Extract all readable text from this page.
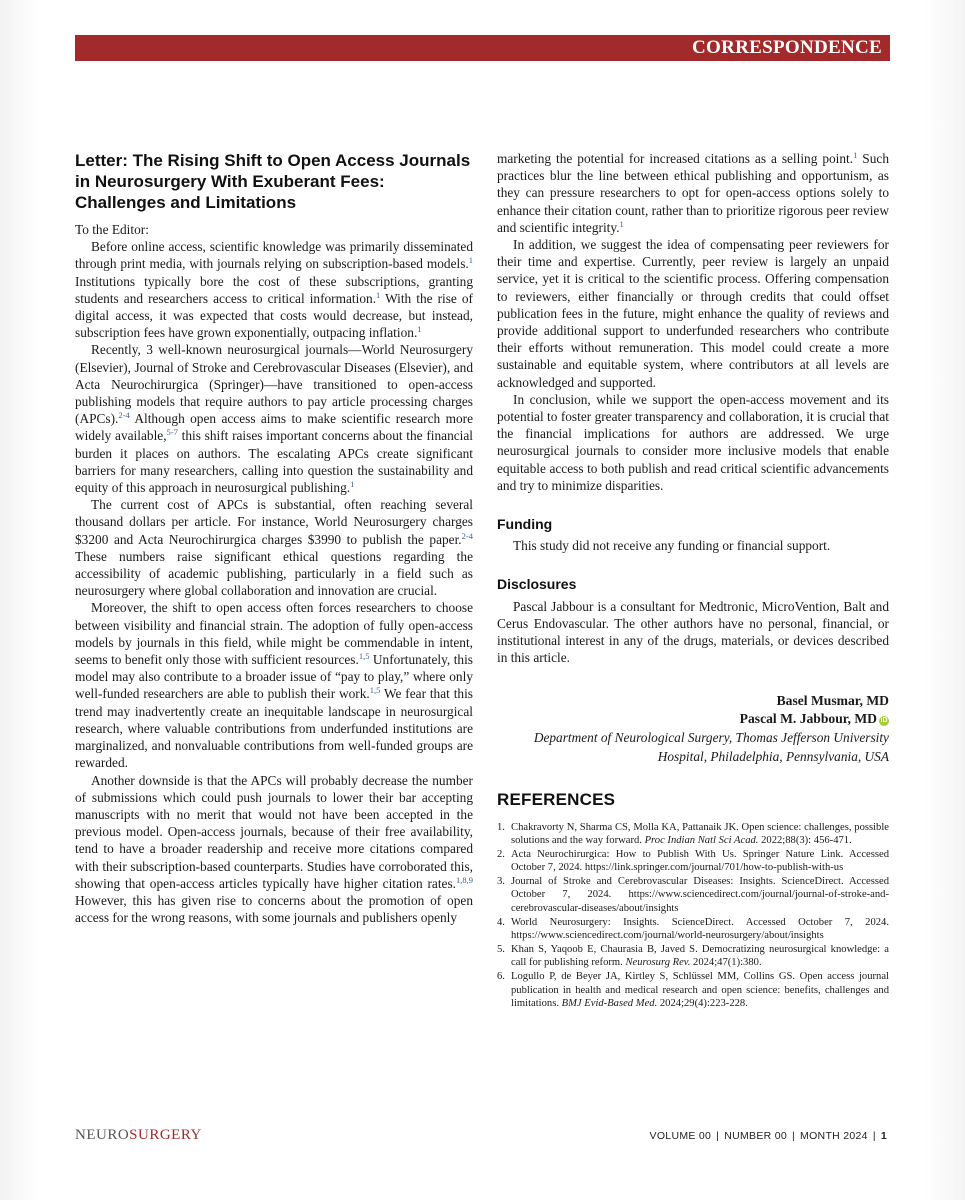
CORRESPONDENCE
Letter: The Rising Shift to Open Access Journals in Neurosurgery With Exuberant Fees: Challenges and Limitations

To the Editor:

Before online access, scientific knowledge was primarily disseminated through print media, with journals relying on subscription-based models.$^1$ Institutions typically bore the cost of these subscriptions, granting students and researchers access to critical information.$^1$ With the rise of digital access, it was expected that costs would decrease, but instead, subscription fees have grown exponentially, outpacing inflation.$^1$

Recently, 3 well-known neurosurgical journals—World Neurosurgery (Elsevier), Journal of Stroke and Cerebrovascular Diseases (Elsevier), and Acta Neurochirurgica (Springer)—have transitioned to open-access publishing models that require authors to pay article processing charges (APCs).$^{2-4}$ Although open access aims to make scientific research more widely available,$^{5-7}$ this shift raises important concerns about the financial burden it places on authors. The escalating APCs create significant barriers for many researchers, calling into question the sustainability and equity of this approach in neurosurgical publishing.$^1$

The current cost of APCs is substantial, often reaching several thousand dollars per article. For instance, World Neurosurgery charges $3200 and Acta Neurochirurgica charges $3990 to publish the paper.$^{2-4}$ These numbers raise significant ethical questions regarding the accessibility of academic publishing, particularly in a field such as neurosurgery where global collaboration and innovation are crucial.

Moreover, the shift to open access often forces researchers to choose between visibility and financial strain. The adoption of fully open-access models by journals in this field, while might be commendable in intent, seems to benefit only those with sufficient resources.$^{1,5}$ Unfortunately, this model may also contribute to a broader issue of “pay to play,” where only well-funded researchers are able to publish their work.$^{1,5}$ We fear that this trend may inadvertently create an inequitable landscape in neurosurgical research, where valuable contributions from underfunded institutions are marginalized, and nonvaluable contributions from well-funded groups are rewarded.

Another downside is that the APCs will probably decrease the number of submissions which could push journals to lower their bar accepting manuscripts with no merit that would not have been accepted in the previous model. Open-access journals, because of their free availability, tend to have a broader readership and receive more citations compared with their subscription-based counterparts. Studies have corroborated this, showing that open-access articles typically have higher citation rates.$^{1,8,9}$ However, this has given rise to concerns about the promotion of open access for the wrong reasons, with some journals and publishers openly

marketing the potential for increased citations as a selling point.$^1$ Such practices blur the line between ethical publishing and opportunism, as they can pressure researchers to opt for open-access options solely to enhance their citation count, rather than to prioritize rigorous peer review and scientific integrity.$^1$

In addition, we suggest the idea of compensating peer reviewers for their time and expertise. Currently, peer review is largely an unpaid service, yet it is critical to the scientific process. Offering compensation to reviewers, either financially or through credits that could offset publication fees in the future, might enhance the quality of reviews and provide additional support to underfunded researchers who contribute their efforts without remuneration. This model could create a more sustainable and equitable system, where contributors at all levels are acknowledged and supported.

In conclusion, while we support the open-access movement and its potential to foster greater transparency and collaboration, it is crucial that the financial implications for authors are addressed. We urge neurosurgical journals to consider more inclusive models that enable equitable access to both publish and read critical scientific advancements and try to minimize disparities.

Funding

This study did not receive any funding or financial support.

Disclosures

Pascal Jabbour is a consultant for Medtronic, MicroVention, Balt and Cerus Endovascular. The other authors have no personal, financial, or institutional interest in any of the drugs, materials, or devices described in this article.

Basel Musmar, MD
Pascal M. Jabbour, MD iD
Department of Neurological Surgery, Thomas Jefferson University
Hospital, Philadelphia, Pennsylvania, USA
REFERENCES
1. Chakravorty N, Sharma CS, Molla KA, Pattanaik JK. Open science: challenges, possible solutions and the way forward. Proc Indian Natl Sci Acad. 2022;88(3): 456-471.
2. Acta Neurochirurgica: How to Publish With Us. Springer Nature Link. Accessed October 7, 2024. https://link.springer.com/journal/701/how-to-publish-with-us
3. Journal of Stroke and Cerebrovascular Diseases: Insights. ScienceDirect. Accessed October 7, 2024. https://www.sciencedirect.com/journal/journal-of-stroke-and-cerebrovascular-diseases/about/insights
4. World Neurosurgery: Insights. ScienceDirect. Accessed October 7, 2024. https://www.sciencedirect.com/journal/world-neurosurgery/about/insights
5. Khan S, Yaqoob E, Chaurasia B, Javed S. Democratizing neurosurgical knowledge: a call for publishing reform. Neurosurg Rev. 2024;47(1):380.
6. Logullo P, de Beyer JA, Kirtley S, Schlüssel MM, Collins GS. Open access journal publication in health and medical research and open science: benefits, challenges and limitations. BMJ Evid-Based Med. 2024;29(4):223-228.
NEUROSURGERY	VOLUME 00 | NUMBER 00 | MONTH 2024 | 1
